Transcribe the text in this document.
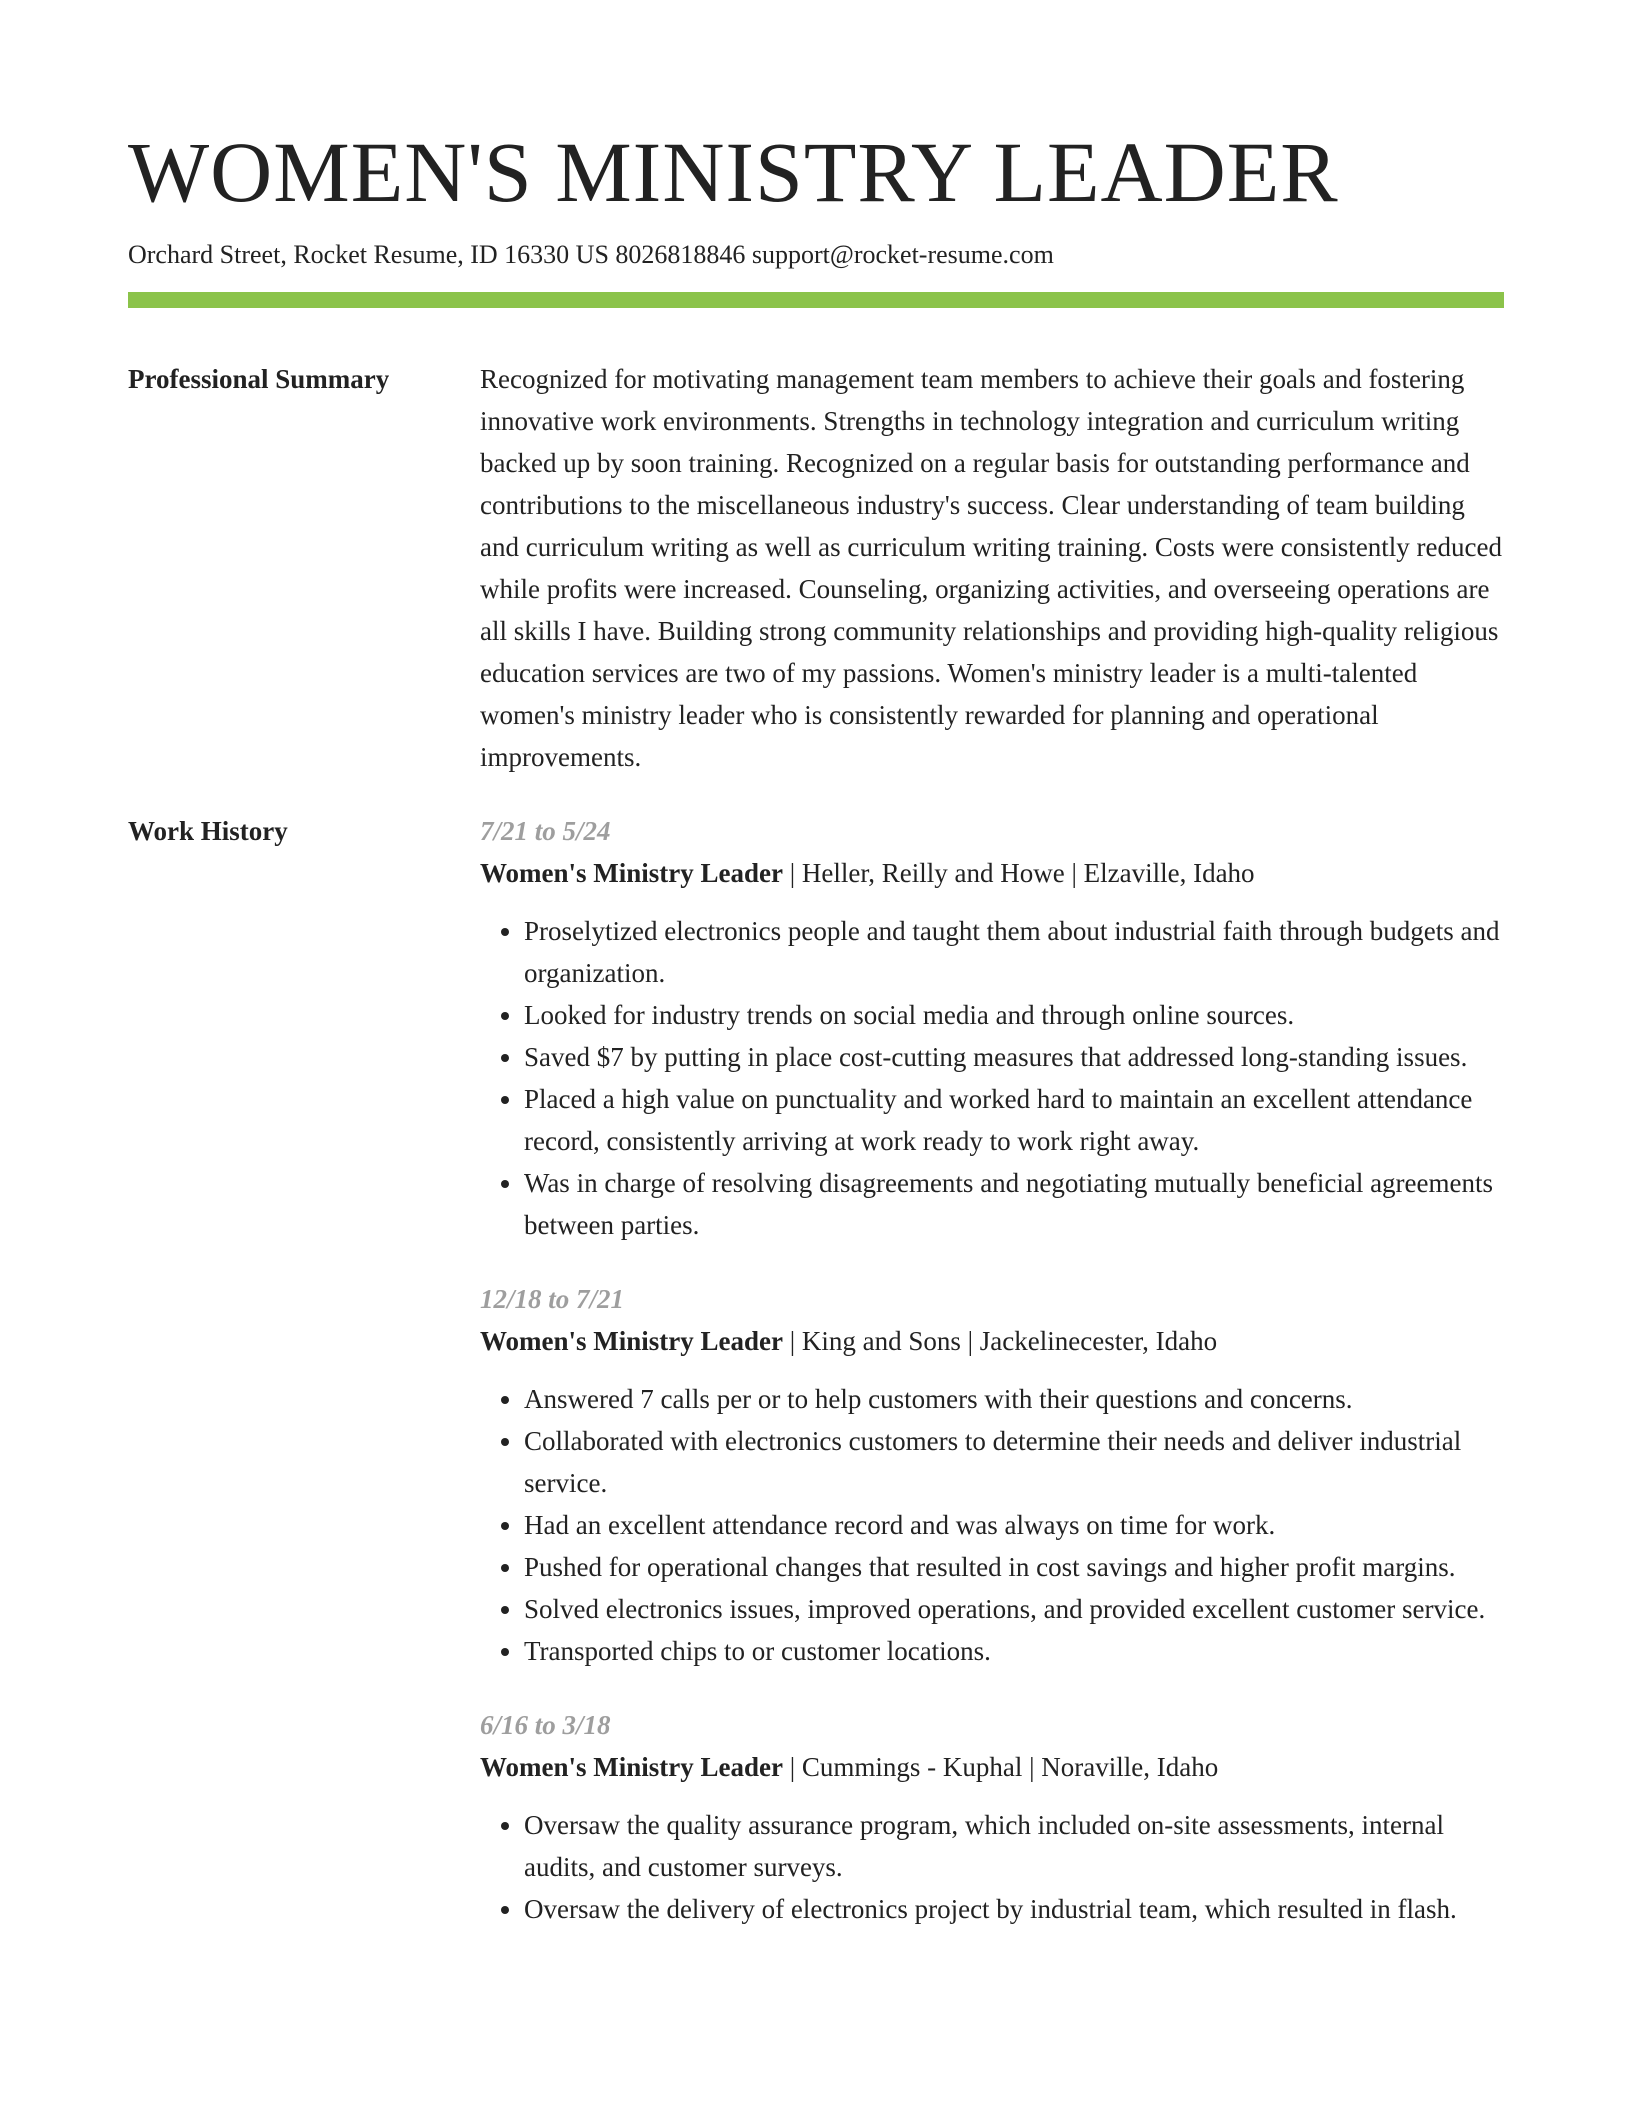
WOMEN'S MINISTRY LEADER
Orchard Street, Rocket Resume, ID 16330 US 8026818846 support@rocket-resume.com
Professional Summary	Recognized for motivating management team members to achieve their goals and fostering innovative work environments. Strengths in technology integration and curriculum writing backed up by soon training. Recognized on a regular basis for outstanding performance and contributions to the miscellaneous industry's success. Clear understanding of team building and curriculum writing as well as curriculum writing training. Costs were consistently reduced while profits were increased. Counseling, organizing activities, and overseeing operations are all skills I have. Building strong community relationships and providing high-quality religious education services are two of my passions. Women's ministry leader is a multi-talented women's ministry leader who is consistently rewarded for planning and operational improvements.
Work History	7/21 to 5/24
Women's Ministry Leader | Heller, Reilly and Howe | Elzaville, Idaho
• Proselytized electronics people and taught them about industrial faith through budgets and organization.
• Looked for industry trends on social media and through online sources.
• Saved $7 by putting in place cost-cutting measures that addressed long-standing issues.
• Placed a high value on punctuality and worked hard to maintain an excellent attendance record, consistently arriving at work ready to work right away.
• Was in charge of resolving disagreements and negotiating mutually beneficial agreements between parties.
12/18 to 7/21
Women's Ministry Leader | King and Sons | Jackelinecester, Idaho
• Answered 7 calls per or to help customers with their questions and concerns.
• Collaborated with electronics customers to determine their needs and deliver industrial service.
• Had an excellent attendance record and was always on time for work.
• Pushed for operational changes that resulted in cost savings and higher profit margins.
• Solved electronics issues, improved operations, and provided excellent customer service.
• Transported chips to or customer locations.
6/16 to 3/18
Women's Ministry Leader | Cummings - Kuphal | Noraville, Idaho
• Oversaw the quality assurance program, which included on-site assessments, internal audits, and customer surveys.
• Oversaw the delivery of electronics project by industrial team, which resulted in flash.
